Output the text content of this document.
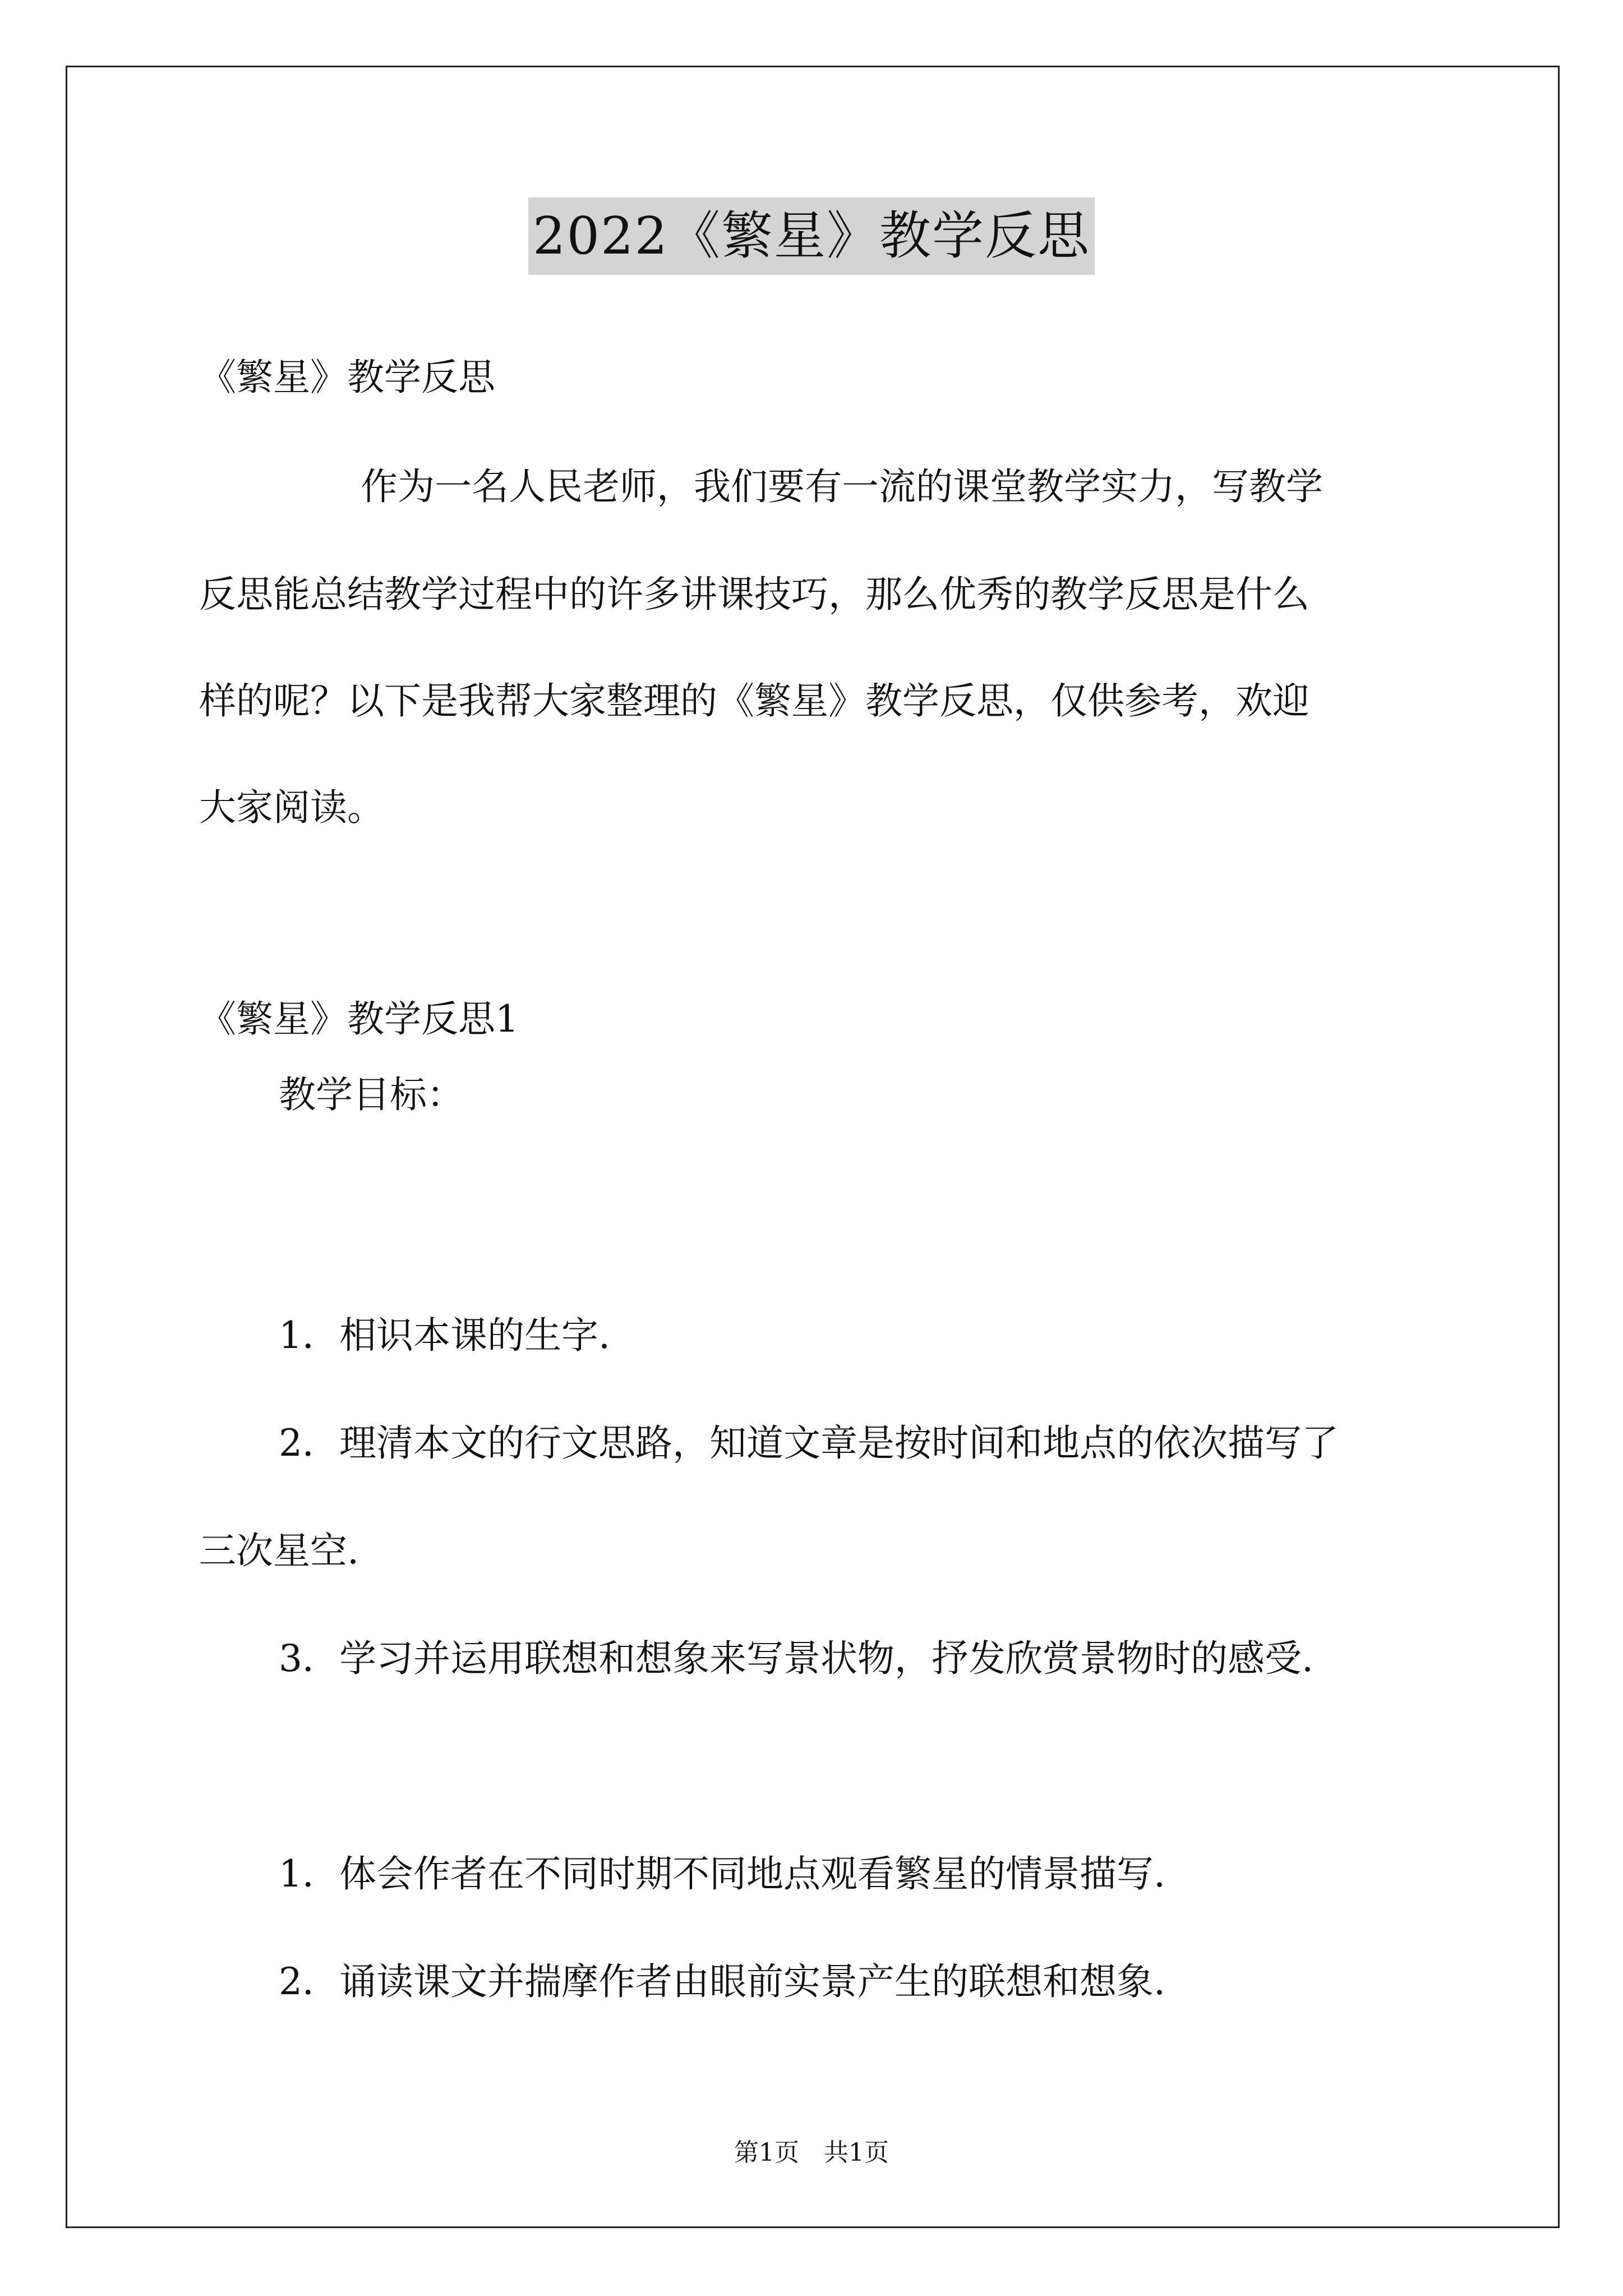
2022《繁星》教学反思
《繁星》教学反思
作为一名人民老师，我们要有一流的课堂教学实力，写教学
反思能总结教学过程中的许多讲课技巧，那么优秀的教学反思是什么
样的呢？以下是我帮大家整理的《繁星》教学反思，仅供参考，欢迎
大家阅读。
《繁星》教学反思1
教学目标：
1．相识本课的生字.
2．理清本文的行文思路，知道文章是按时间和地点的依次描写了
三次星空.
3．学习并运用联想和想象来写景状物，抒发欣赏景物时的感受.
1．体会作者在不同时期不同地点观看繁星的情景描写.
2．诵读课文并揣摩作者由眼前实景产生的联想和想象.
第1页　共1页
